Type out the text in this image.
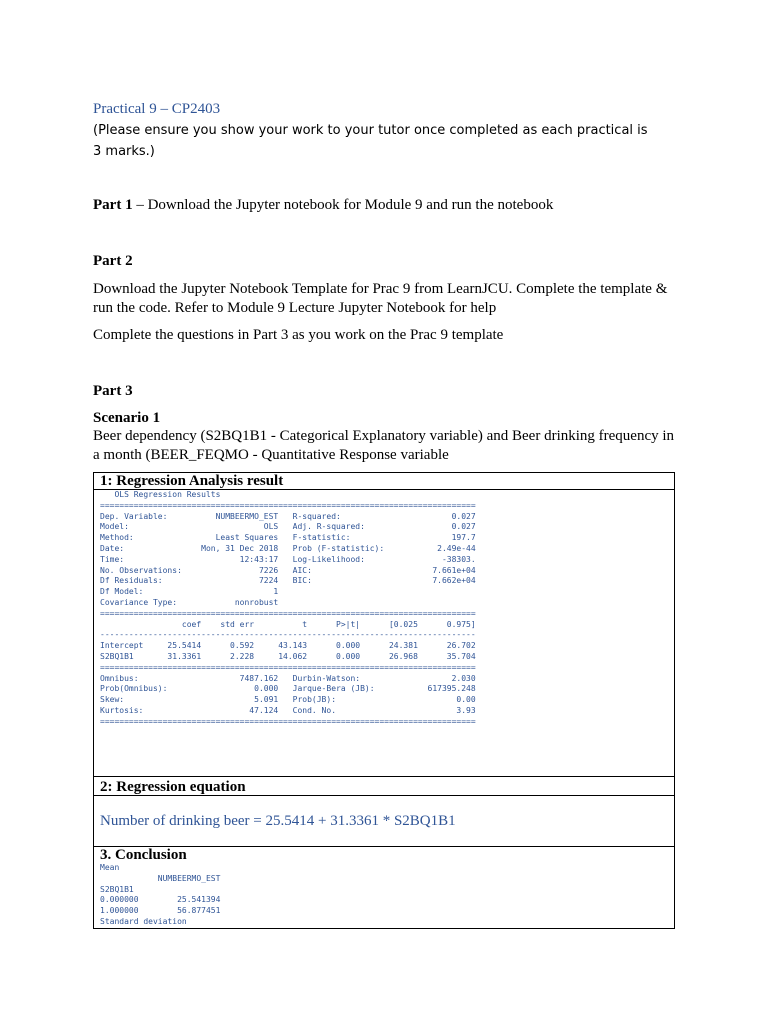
Practical 9 – CP2403

(Please ensure you show your work to your tutor once completed as each practical is 3 marks.)

Part 1 – Download the Jupyter notebook for Module 9 and run the notebook

Part 2

Download the Jupyter Notebook Template for Prac 9 from LearnJCU. Complete the template & run the code. Refer to Module 9 Lecture Jupyter Notebook for help

Complete the questions in Part 3 as you work on the Prac 9 template

Part 3

Scenario 1

Beer dependency (S2BQ1B1 - Categorical Explanatory variable) and Beer drinking frequency in a month (BEER_FEQMO - Quantitative Response variable

1: Regression Analysis result

OLS Regression Results
==============================================================================
Dep. Variable:          NUMBEERMO_EST   R-squared:                       0.027
Model:                            OLS   Adj. R-squared:                  0.027
Method:                 Least Squares   F-statistic:                     197.7
Date:                Mon, 31 Dec 2018   Prob (F-statistic):           2.49e-44
Time:                        12:43:17   Log-Likelihood:                -38303.
No. Observations:                7226   AIC:                         7.661e+04
Df Residuals:                    7224   BIC:                         7.662e+04
Df Model:                           1
Covariance Type:            nonrobust
==============================================================================
coef    std err          t      P>|t|      [0.025      0.975]
------------------------------------------------------------------------------
Intercept     25.5414      0.592     43.143      0.000      24.381      26.702
S2BQ1B1       31.3361      2.228     14.062      0.000      26.968      35.704
==============================================================================
Omnibus:                     7487.162   Durbin-Watson:                   2.030
Prob(Omnibus):                  0.000   Jarque-Bera (JB):           617395.248
Skew:                           5.091   Prob(JB):                         0.00
Kurtosis:                      47.124   Cond. No.                         3.93
==============================================================================

2: Regression equation

Number of drinking beer = 25.5414 + 31.3361 * S2BQ1B1

3. Conclusion
Mean
NUMBEERMO_EST
S2BQ1B1
0.000000        25.541394
1.000000        56.877451
Standard deviation
